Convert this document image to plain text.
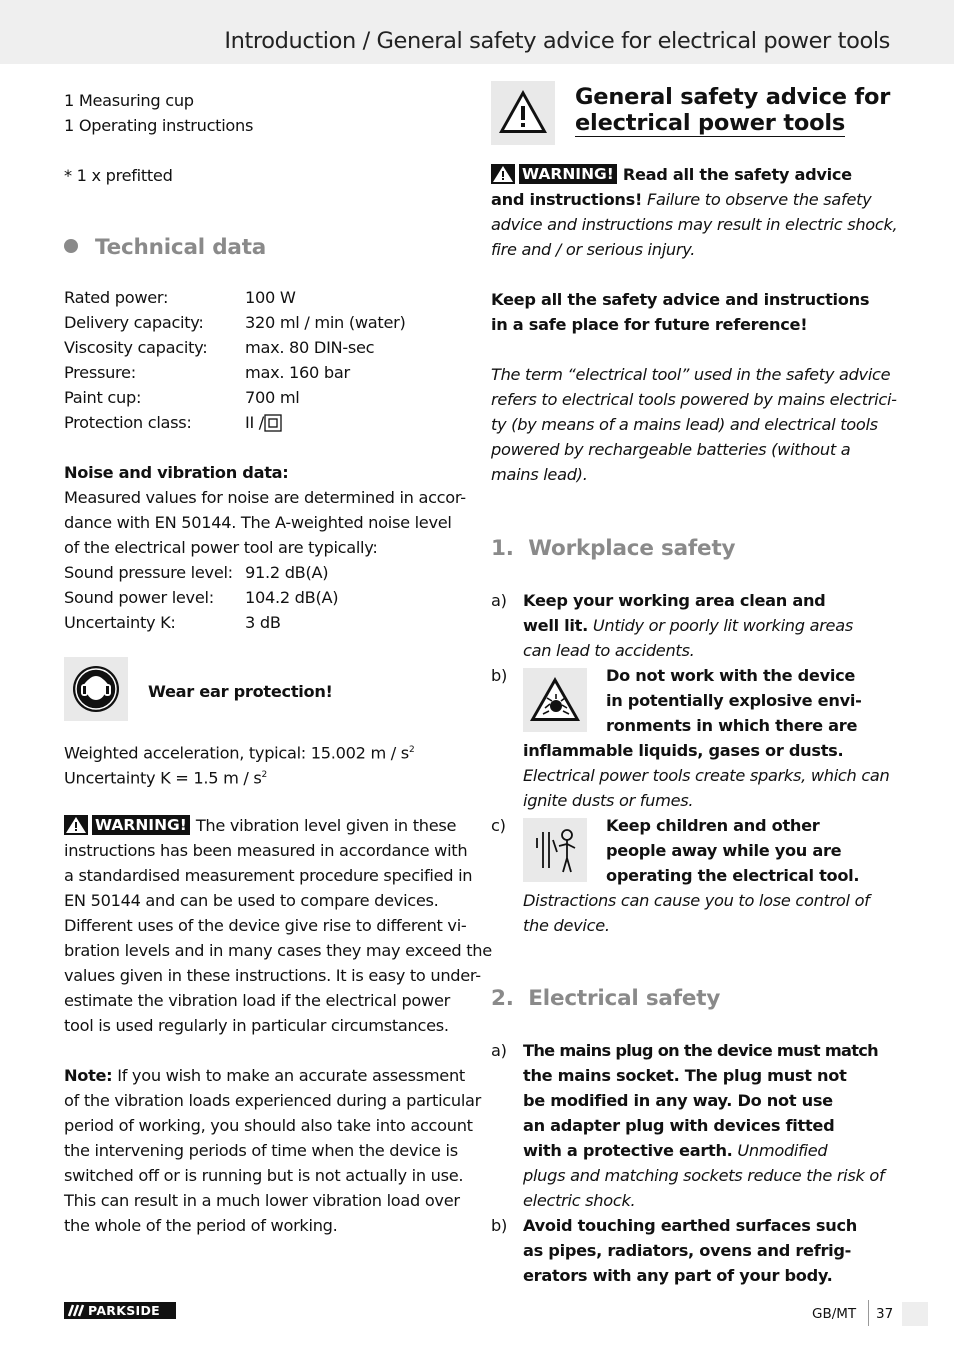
Introduction / General safety advice for electrical power tools
1 Measuring cup
1 Operating instructions
* 1 x prefitted
Technical data
Rated power:	100 W
Delivery capacity:	320 ml / min (water)
Viscosity capacity:	max. 80 DIN-sec
Pressure:	max. 160 bar
Paint cup:	700 ml
Protection class:	II /
Noise and vibration data:
Measured values for noise are determined in accor-
dance with EN 50144. The A-weighted noise level
of the electrical power tool are typically:
Sound pressure level: 91.2 dB(A)
Sound power level:	104.2 dB(A)
Uncertainty K:	3 dB
Wear ear protection!
Weighted acceleration, typical: 15.002 m / $s^2$
Uncertainty K = 1.5 m / $s^2$
WARNING! The vibration level given in these
instructions has been measured in accordance with
a standardised measurement procedure specified in
EN 50144 and can be used to compare devices.
Different uses of the device give rise to different vi-
bration levels and in many cases they may exceed the
values given in these instructions. It is easy to under-
estimate the vibration load if the electrical power
tool is used regularly in particular circumstances.
Note: If you wish to make an accurate assessment
of the vibration loads experienced during a particular
period of working, you should also take into account
the intervening periods of time when the device is
switched off or is running but is not actually in use.
This can result in a much lower vibration load over
the whole of the period of working.
General safety advice for
electrical power tools
WARNING! Read all the safety advice
and instructions! Failure to observe the safety
advice and instructions may result in electric shock,
fire and / or serious injury.
Keep all the safety advice and instructions
in a safe place for future reference!
The term “electrical tool” used in the safety advice
refers to electrical tools powered by mains electrici-
ty (by means of a mains lead) and electrical tools
powered by rechargeable batteries (without a
mains lead).
1.  Workplace safety
a)	Keep your working area clean and
well lit. Untidy or poorly lit working areas
can lead to accidents.
b)	Do not work with the device
in potentially explosive envi-
ronments in which there are
inflammable liquids, gases or dusts.
Electrical power tools create sparks, which can
ignite dusts or fumes.
c)	Keep children and other
people away while you are
operating the electrical tool.
Distractions can cause you to lose control of
the device.
2.  Electrical safety
a)	The mains plug on the device must match
the mains socket. The plug must not
be modified in any way. Do not use
an adapter plug with devices fitted
with a protective earth. Unmodified
plugs and matching sockets reduce the risk of
electric shock.
b) Avoid touching earthed surfaces such
as pipes, radiators, ovens and refrig-
erators with any part of your body.
PARKSIDE	GB/MT 37
